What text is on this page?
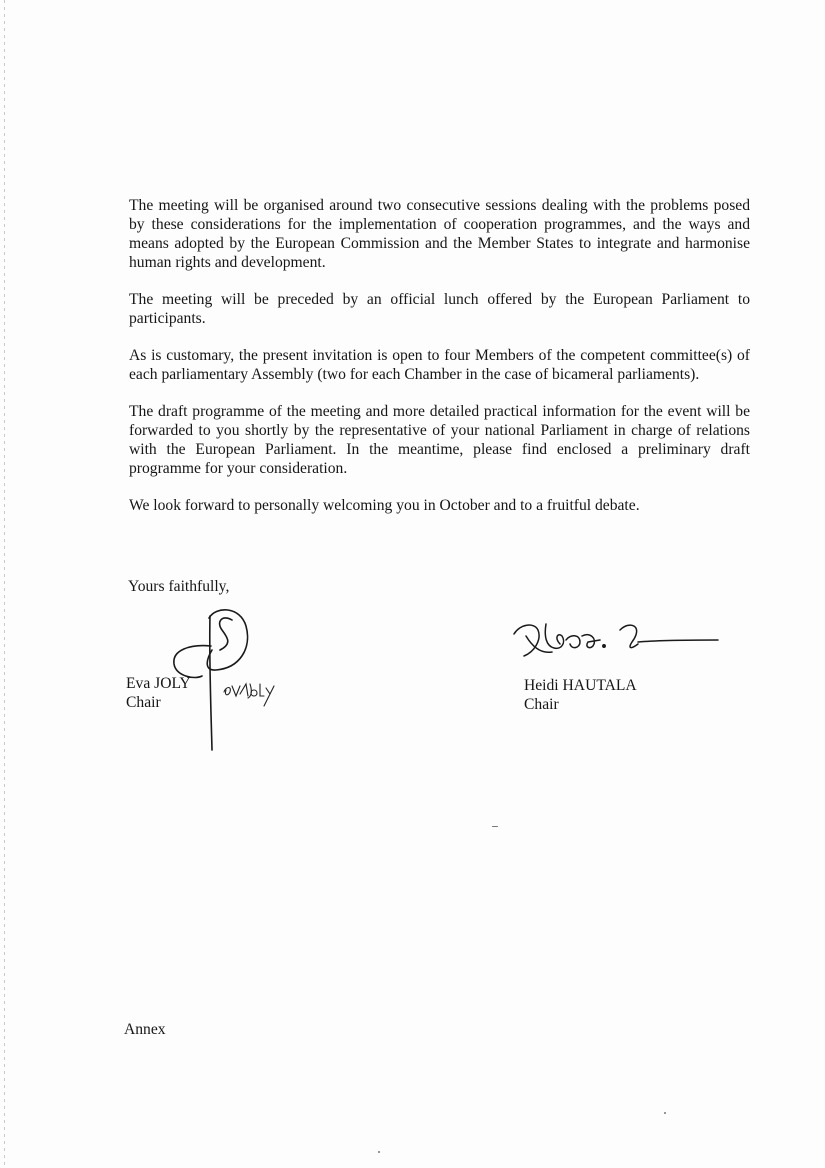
The meeting will be organised around two consecutive sessions dealing with the problems posed by these considerations for the implementation of cooperation programmes, and the ways and means adopted by the European Commission and the Member States to integrate and harmonise human rights and development.

The meeting will be preceded by an official lunch offered by the European Parliament to participants.

As is customary, the present invitation is open to four Members of the competent committee(s) of each parliamentary Assembly (two for each Chamber in the case of bicameral parliaments).

The draft programme of the meeting and more detailed practical information for the event will be forwarded to you shortly by the representative of your national Parliament in charge of relations with the European Parliament. In the meantime, please find enclosed a preliminary draft programme for your consideration.

We look forward to personally welcoming you in October and to a fruitful debate.

Yours faithfully,

Eva JOLY
Chair
Heidi HAUTALA
Chair
Annex
